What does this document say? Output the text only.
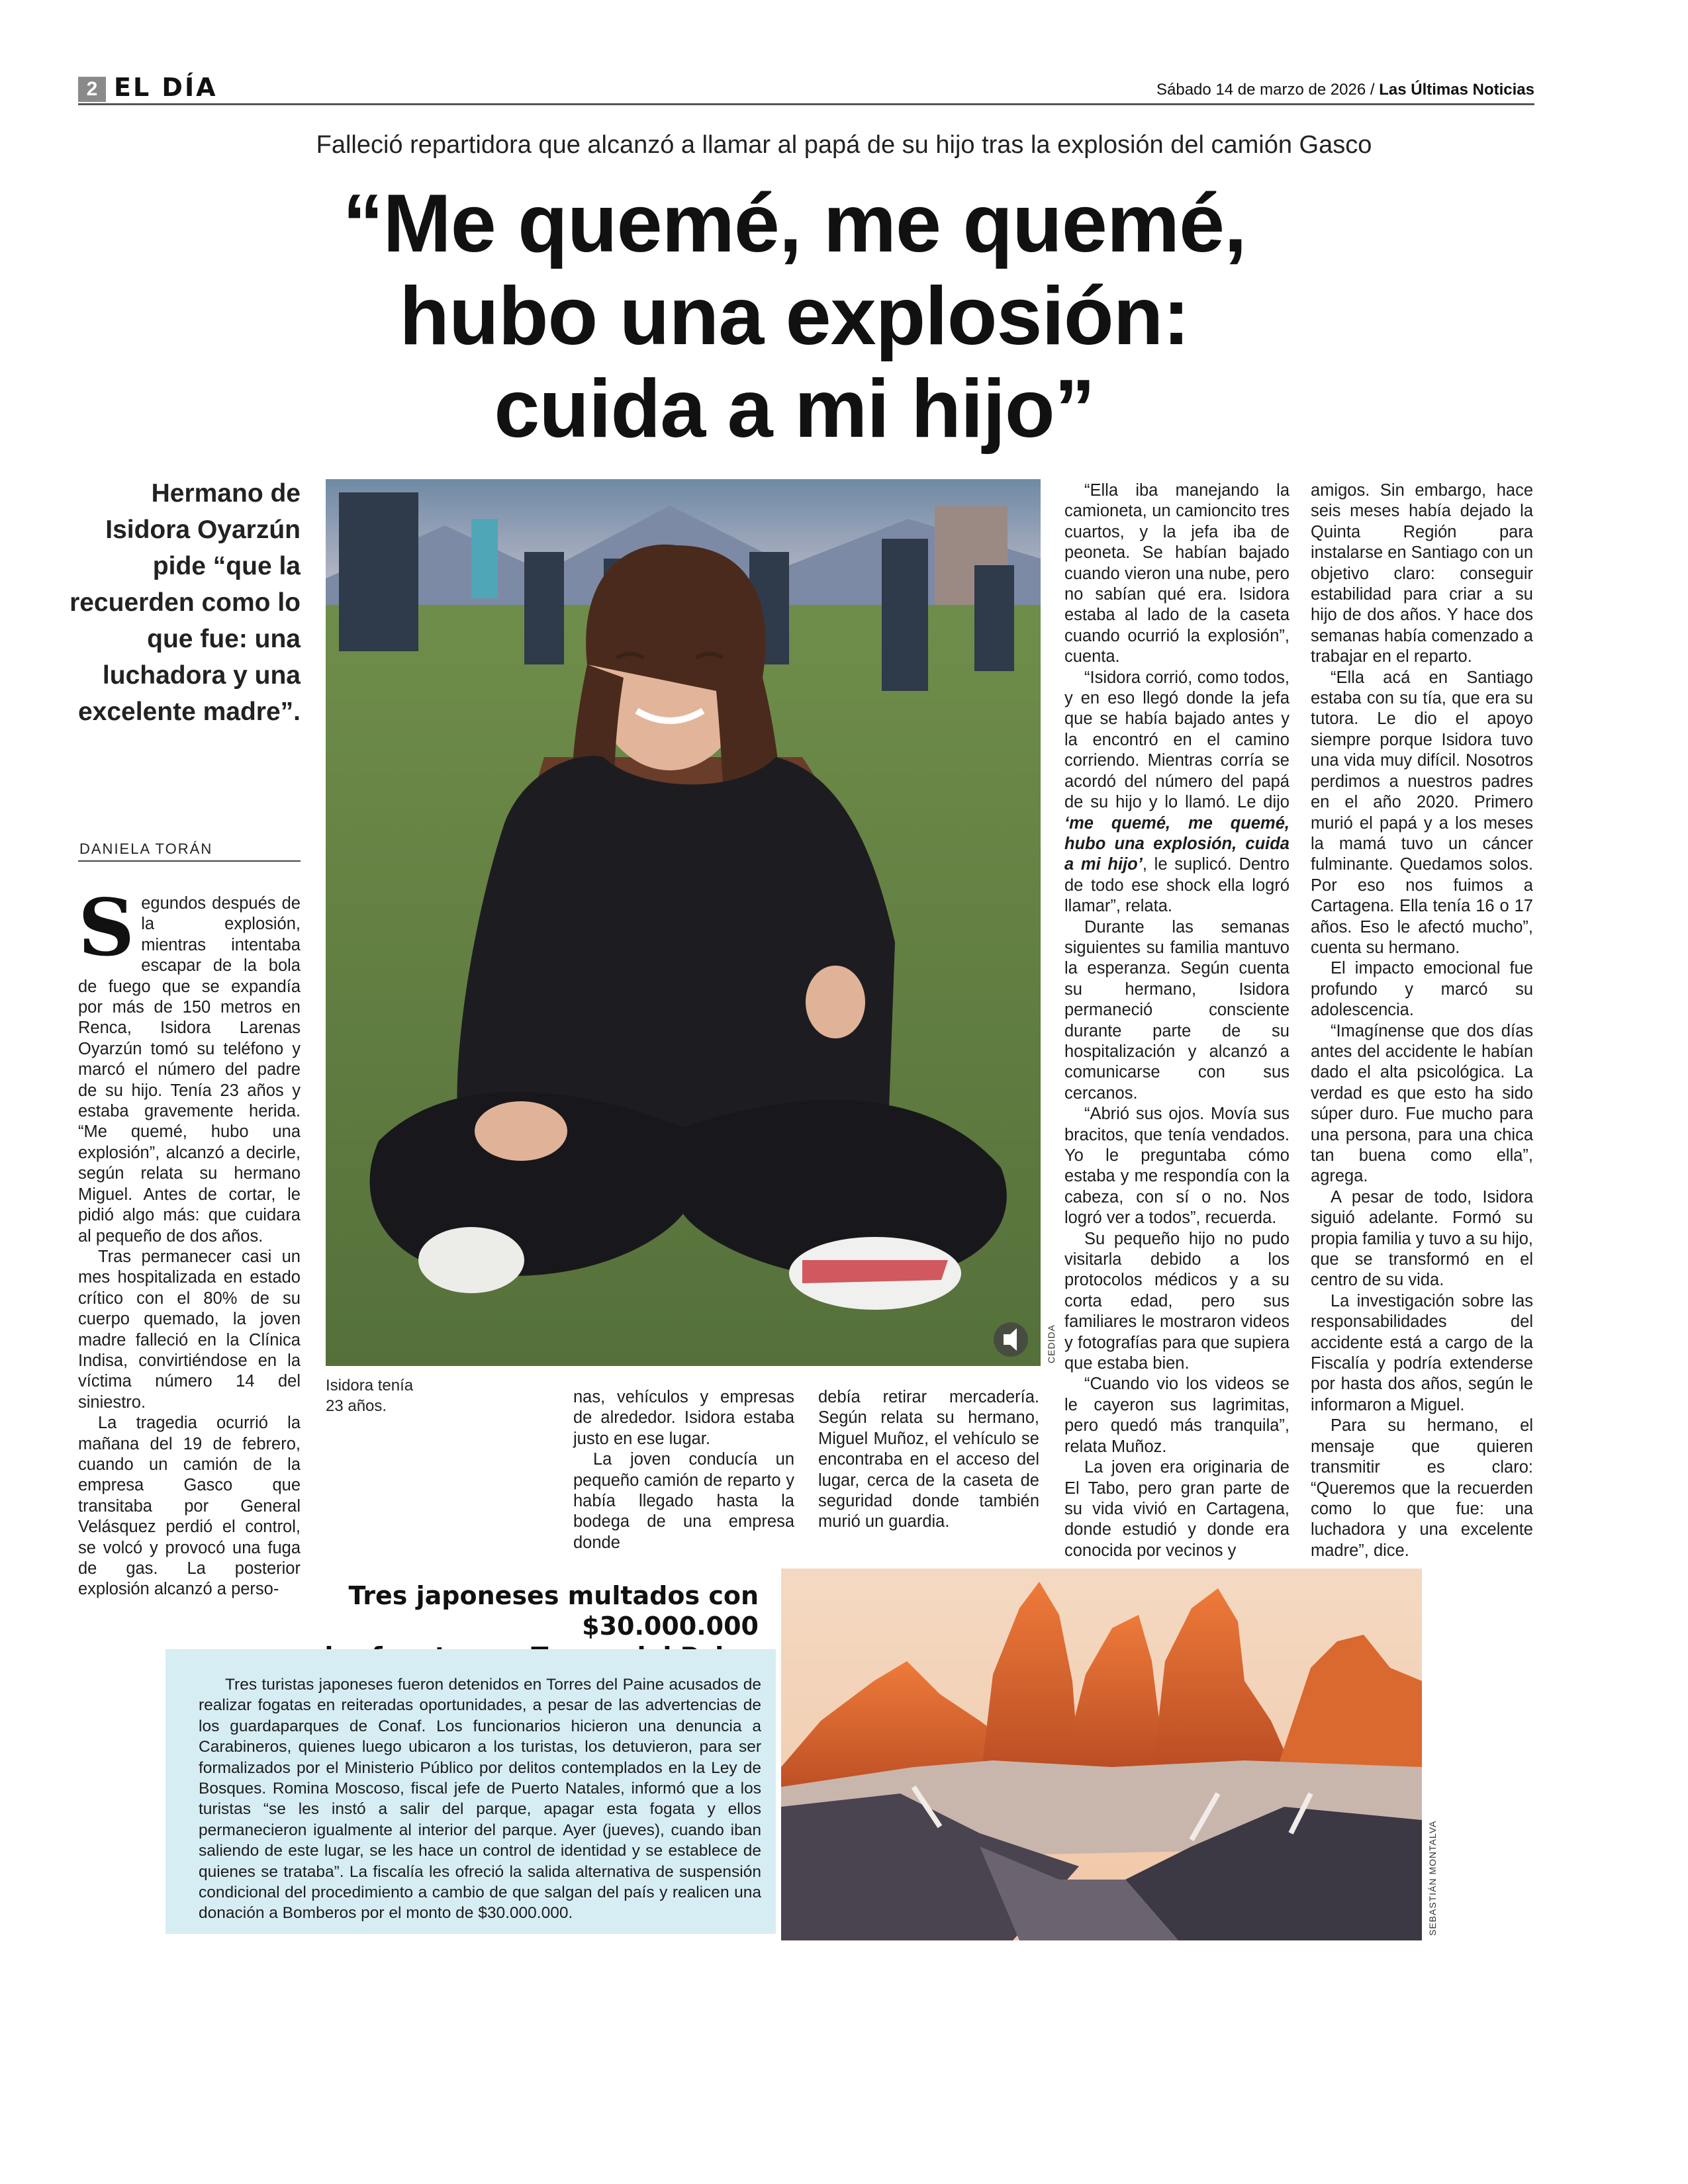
2 EL DÍA	Sábado 14 de marzo de 2026 / Las Últimas Noticias
Falleció repartidora que alcanzó a llamar al papá de su hijo tras la explosión del camión Gasco
“Me quemé, me quemé,
hubo una explosión:
cuida a mi hijo”
Hermano de Isidora Oyarzún pide “que la recuerden como lo que fue: una luchadora y una excelente madre”.
DANIELA TORÁN
CEDIDA
Isidora tenía
23 años.

Segundos después de la explosión, mientras intentaba escapar de la bola de fuego que se expandía por más de 150 metros en Renca, Isidora Larenas Oyarzún tomó su teléfono y marcó el número del padre de su hijo. Tenía 23 años y estaba gravemente herida. “Me quemé, hubo una explosión”, alcanzó a decirle, según relata su hermano Miguel. Antes de cortar, le pidió algo más: que cuidara al pequeño de dos años.

Tras permanecer casi un mes hospitalizada en estado crítico con el 80% de su cuerpo quemado, la joven madre falleció en la Clínica Indisa, convirtiéndose en la víctima número 14 del siniestro.

La tragedia ocurrió la mañana del 19 de febrero, cuando un camión de la empresa Gasco que transitaba por General Velásquez perdió el control, se volcó y provocó una fuga de gas. La posterior explosión alcanzó a perso-

nas, vehículos y empresas de alrededor. Isidora estaba justo en ese lugar.

La joven conducía un pequeño camión de reparto y había llegado hasta la bodega de una empresa donde

debía retirar mercadería. Según relata su hermano, Miguel Muñoz, el vehículo se encontraba en el acceso del lugar, cerca de la caseta de seguridad donde también murió un guardia.

“Ella iba manejando la camioneta, un camioncito tres cuartos, y la jefa iba de peoneta. Se habían bajado cuando vieron una nube, pero no sabían qué era. Isidora estaba al lado de la caseta cuando ocurrió la explosión”, cuenta.

“Isidora corrió, como todos, y en eso llegó donde la jefa que se había bajado antes y la encontró en el camino corriendo. Mientras corría se acordó del número del papá de su hijo y lo llamó. Le dijo ‘me quemé, me quemé, hubo una explosión, cuida a mi hijo’, le suplicó. Dentro de todo ese shock ella logró llamar”, relata.

Durante las semanas siguientes su familia mantuvo la esperanza. Según cuenta su hermano, Isidora permaneció consciente durante parte de su hospitalización y alcanzó a comunicarse con sus cercanos.

“Abrió sus ojos. Movía sus bracitos, que tenía vendados. Yo le preguntaba cómo estaba y me respondía con la cabeza, con sí o no. Nos logró ver a todos”, recuerda.

Su pequeño hijo no pudo visitarla debido a los protocolos médicos y a su corta edad, pero sus familiares le mostraron videos y fotografías para que supiera que estaba bien.

“Cuando vio los videos se le cayeron sus lagrimitas, pero quedó más tranquila”, relata Muñoz.

La joven era originaria de El Tabo, pero gran parte de su vida vivió en Cartagena, donde estudió y donde era conocida por vecinos y

amigos. Sin embargo, hace seis meses había dejado la Quinta Región para instalarse en Santiago con un objetivo claro: conseguir estabilidad para criar a su hijo de dos años. Y hace dos semanas había comenzado a trabajar en el reparto.

“Ella acá en Santiago estaba con su tía, que era su tutora. Le dio el apoyo siempre porque Isidora tuvo una vida muy difícil. Nosotros perdimos a nuestros padres en el año 2020. Primero murió el papá y a los meses la mamá tuvo un cáncer fulminante. Quedamos solos. Por eso nos fuimos a Cartagena. Ella tenía 16 o 17 años. Eso le afectó mucho”, cuenta su hermano.

El impacto emocional fue profundo y marcó su adolescencia.

“Imagínense que dos días antes del accidente le habían dado el alta psicológica. La verdad es que esto ha sido súper duro. Fue mucho para una persona, para una chica tan buena como ella”, agrega.

A pesar de todo, Isidora siguió adelante. Formó su propia familia y tuvo a su hijo, que se transformó en el centro de su vida.

La investigación sobre las responsabilidades del accidente está a cargo de la Fiscalía y podría extenderse por hasta dos años, según le informaron a Miguel.

Para su hermano, el mensaje que quieren transmitir es claro: “Queremos que la recuerden como lo que fue: una luchadora y una excelente madre”, dice.

Tres japoneses multados con $30.000.000

Tres turistas japoneses fueron detenidos en Torres del Paine acusados de realizar fogatas en reiteradas oportunidades, a pesar de las advertencias de los guardaparques de Conaf. Los funcionarios hicieron una denuncia a Carabineros, quienes luego ubicaron a los turistas, los detuvieron, para ser formalizados por el Ministerio Público por delitos contemplados en la Ley de Bosques. Romina Moscoso, fiscal jefe de Puerto Natales, informó que a los turistas “se les instó a salir del parque, apagar esta fogata y ellos permanecieron igualmente al interior del parque. Ayer (jueves), cuando iban saliendo de este lugar, se les hace un control de identidad y se establece de quienes se trataba”. La fiscalía les ofreció la salida alternativa de suspensión condicional del procedimiento a cambio de que salgan del país y realicen una donación a Bomberos por el monto de $30.000.000.	SEBASTIÁN MONTALVA
